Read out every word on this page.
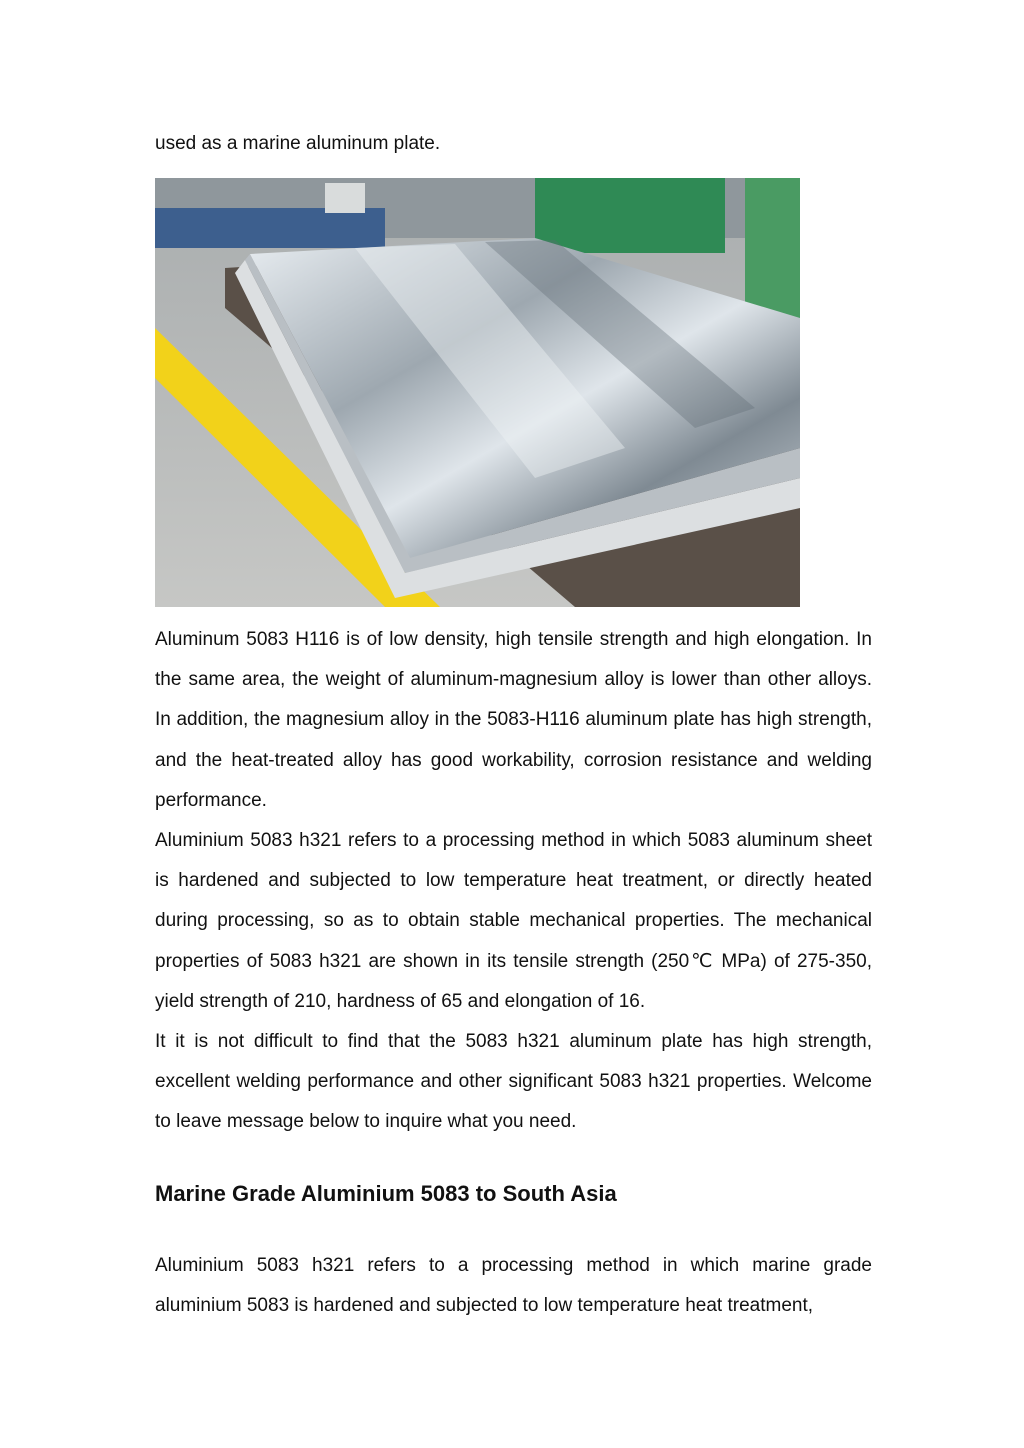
used as a marine aluminum plate.

Aluminum 5083 H116 is of low density, high tensile strength and high elongation. In the same area, the weight of aluminum-magnesium alloy is lower than other alloys. In addition, the magnesium alloy in the 5083-H116 aluminum plate has high strength, and the heat-treated alloy has good workability, corrosion resistance and welding performance.

Aluminium 5083 h321 refers to a processing method in which 5083 aluminum sheet is hardened and subjected to low temperature heat treatment, or directly heated during processing, so as to obtain stable mechanical properties. The mechanical properties of 5083 h321 are shown in its tensile strength (250℃ MPa) of 275-350, yield strength of 210, hardness of 65 and elongation of 16.

It it is not difficult to find that the 5083 h321 aluminum plate has high strength, excellent welding performance and other significant 5083 h321 properties. Welcome to leave message below to inquire what you need.

Marine Grade Aluminium 5083 to South Asia

Aluminium 5083 h321 refers to a processing method in which marine grade aluminium 5083 is hardened and subjected to low temperature heat treatment,
